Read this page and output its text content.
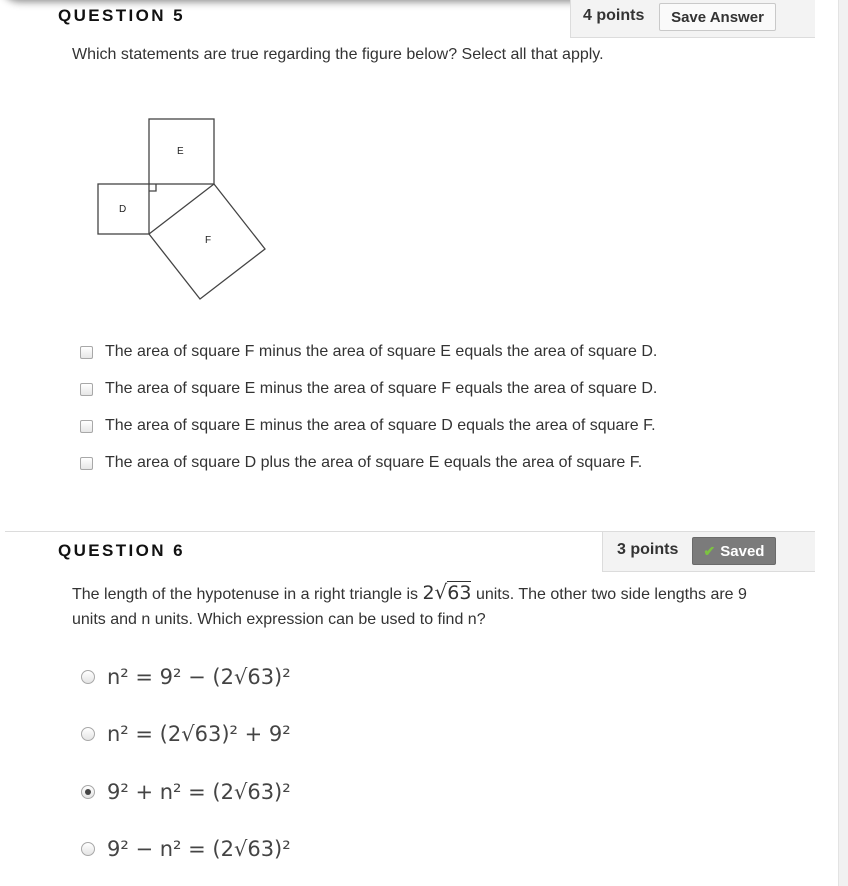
QUESTION 5	4 points Save Answer
Which statements are true regarding the figure below? Select all that apply.
E
D
F
The area of square F minus the area of square E equals the area of square D.
The area of square E minus the area of square F equals the area of square D.
The area of square E minus the area of square D equals the area of square F.
The area of square D plus the area of square E equals the area of square F.
QUESTION 6	3 points ✔ Saved
The length of the hypotenuse in a right triangle is 2√63 units. The other two side lengths are 9
units and n units. Which expression can be used to find n?
n² = 9² − (2√63)²
n² = (2√63)² + 9²
9² + n² = (2√63)²
9² − n² = (2√63)²
